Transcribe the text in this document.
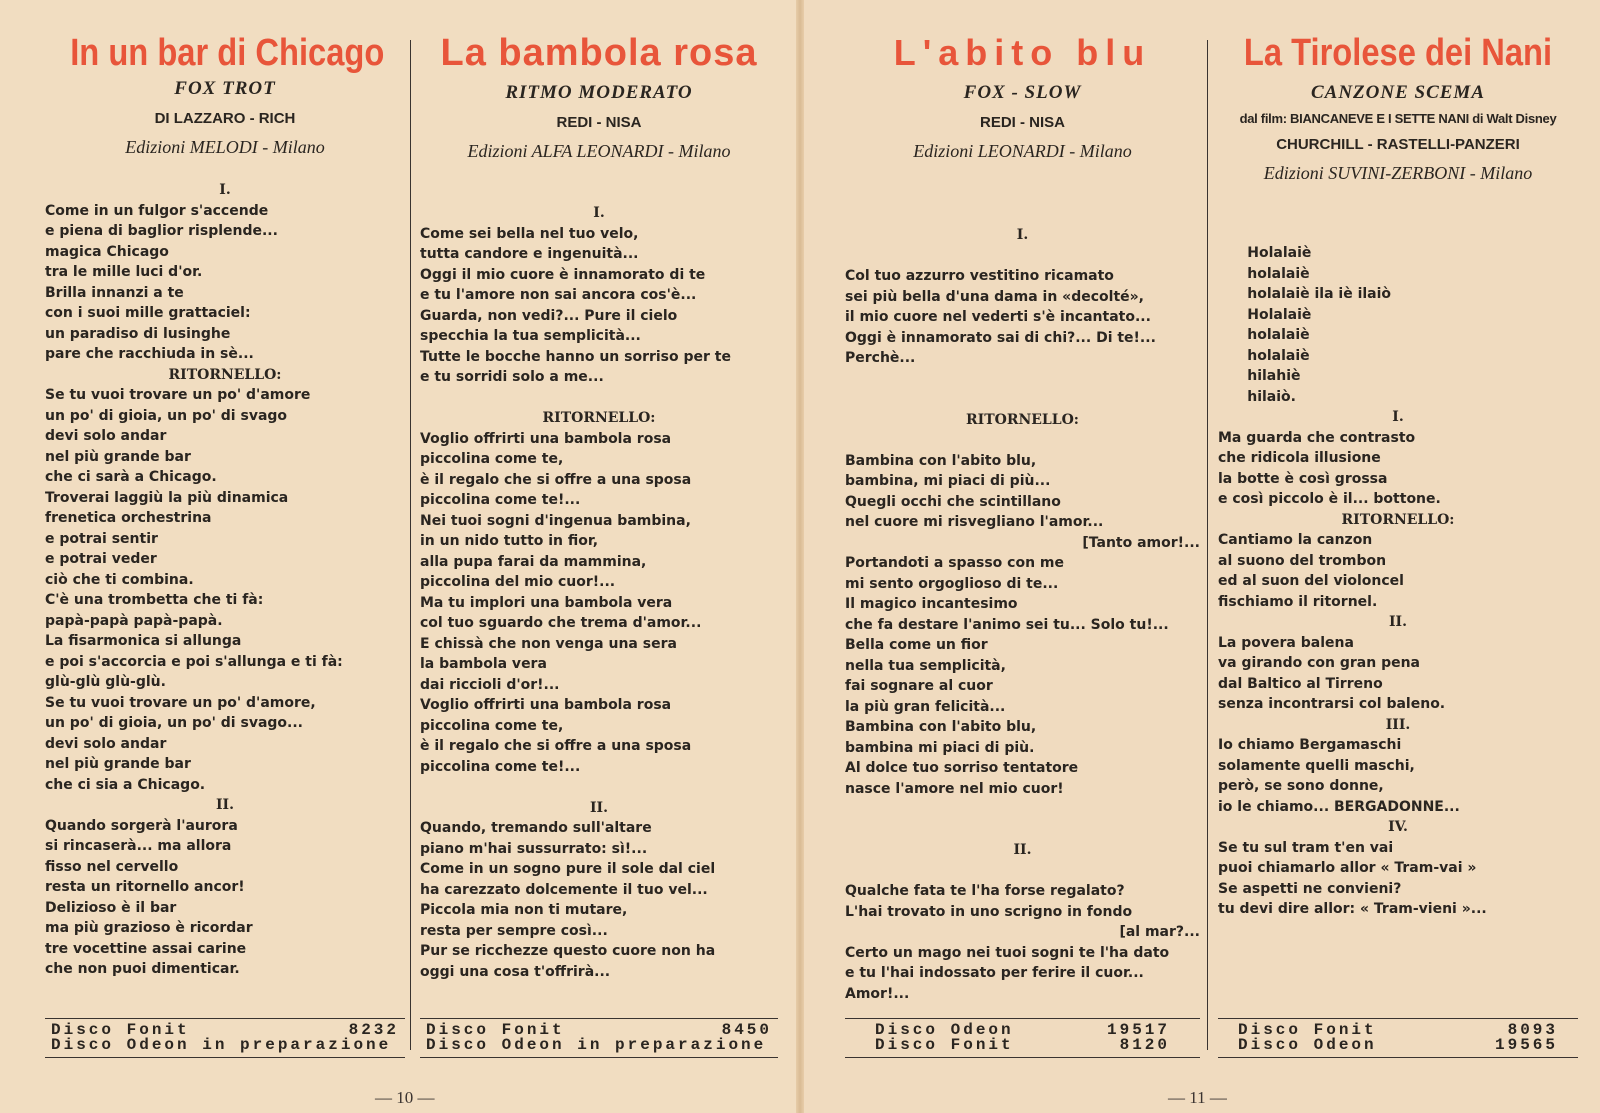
In un bar di Chicago

FOX TROT

DI LAZZARO - RICH

Edizioni MELODI - Milano

I.
Come in un fulgor s'accende
e piena di baglior risplende...
magica Chicago
tra le mille luci d'or.
Brilla innanzi a te
con i suoi mille grattaciel:
un paradiso di lusinghe
pare che racchiuda in sè...
RITORNELLO:
Se tu vuoi trovare un po' d'amore
un po' di gioia, un po' di svago
devi solo andar
nel più grande bar
che ci sarà a Chicago.
Troverai laggiù la più dinamica
frenetica orchestrina
e potrai sentir
e potrai veder
ciò che ti combina.
C'è una trombetta che ti fà:
papà-papà papà-papà.
La fisarmonica si allunga
e poi s'accorcia e poi s'allunga e ti fà:
glù-glù glù-glù.
Se tu vuoi trovare un po' d'amore,
un po' di gioia, un po' di svago...
devi solo andar
nel più grande bar
che ci sia a Chicago.
II.
Quando sorgerà l'aurora
si rincaserà... ma allora
fisso nel cervello
resta un ritornello ancor!
Delizioso è il bar
ma più grazioso è ricordar
tre vocettine assai carine
che non puoi dimenticar.
Disco Fonit	8232
Disco Odeon in preparazione
La bambola rosa

RITMO MODERATO

REDI - NISA

Edizioni ALFA LEONARDI - Milano

I.
Come sei bella nel tuo velo,
tutta candore e ingenuità...
Oggi il mio cuore è innamorato di te
e tu l'amore non sai ancora cos'è...
Guarda, non vedi?... Pure il cielo
specchia la tua semplicità...
Tutte le bocche hanno un sorriso per te
e tu sorridi solo a me...

RITORNELLO:
Voglio offrirti una bambola rosa
piccolina come te,
è il regalo che si offre a una sposa
piccolina come te!...
Nei tuoi sogni d'ingenua bambina,
in un nido tutto in fior,
alla pupa farai da mammina,
piccolina del mio cuor!...
Ma tu implori una bambola vera
col tuo sguardo che trema d'amor...
E chissà che non venga una sera
la bambola vera
dai riccioli d'or!...
Voglio offrirti una bambola rosa
piccolina come te,
è il regalo che si offre a una sposa
piccolina come te!...

II.
Quando, tremando sull'altare
piano m'hai sussurrato: sì!...
Come in un sogno pure il sole dal ciel
ha carezzato dolcemente il tuo vel...
Piccola mia non ti mutare,
resta per sempre così...
Pur se ricchezze questo cuore non ha
oggi una cosa t'offrirà...
Disco Fonit	8450
Disco Odeon in preparazione
L'abito blu

FOX - SLOW

REDI - NISA

Edizioni LEONARDI - Milano

I.

Col tuo azzurro vestitino ricamato
sei più bella d'una dama in «decolté»,
il mio cuore nel vederti s'è incantato...
Oggi è innamorato sai di chi?... Di te!...
Perchè...

RITORNELLO:

Bambina con l'abito blu,
bambina, mi piaci di più...
Quegli occhi che scintillano
nel cuore mi risvegliano l'amor...
[Tanto amor!...
Portandoti a spasso con me
mi sento orgoglioso di te...
Il magico incantesimo
che fa destare l'animo sei tu... Solo tu!...
Bella come un fior
nella tua semplicità,
fai sognare al cuor
la più gran felicità...
Bambina con l'abito blu,
bambina mi piaci di più.
Al dolce tuo sorriso tentatore
nasce l'amore nel mio cuor!

II.

Qualche fata te l'ha forse regalato?
L'hai trovato in uno scrigno in fondo
[al mar?...
Certo un mago nei tuoi sogni te l'ha dato
e tu l'hai indossato per ferire il cuor...
Amor!...
Disco Odeon	19517
Disco Fonit	8120
La Tirolese dei Nani

CANZONE SCEMA

dal film: BIANCANEVE E I SETTE NANI di Walt Disney

CHURCHILL - RASTELLI-PANZERI

Edizioni SUVINI-ZERBONI - Milano

Holalaiè
holalaiè
holalaiè ila iè ilaiò
Holalaiè
holalaiè
holalaiè
hilahiè
hilaiò.
I.
Ma guarda che contrasto
che ridicola illusione
la botte è così grossa
e così piccolo è il... bottone.
RITORNELLO:
Cantiamo la canzon
al suono del trombon
ed al suon del violoncel
fischiamo il ritornel.
II.
La povera balena
va girando con gran pena
dal Baltico al Tirreno
senza incontrarsi col baleno.
III.
Io chiamo Bergamaschi
solamente quelli maschi,
però, se sono donne,
io le chiamo... BERGADONNE...
IV.
Se tu sul tram t'en vai
puoi chiamarlo allor « Tram-vai »
Se aspetti ne convieni?
tu devi dire allor: « Tram-vieni »...
Disco Fonit	8093
Disco Odeon	19565
— 10 —	— 11 —
